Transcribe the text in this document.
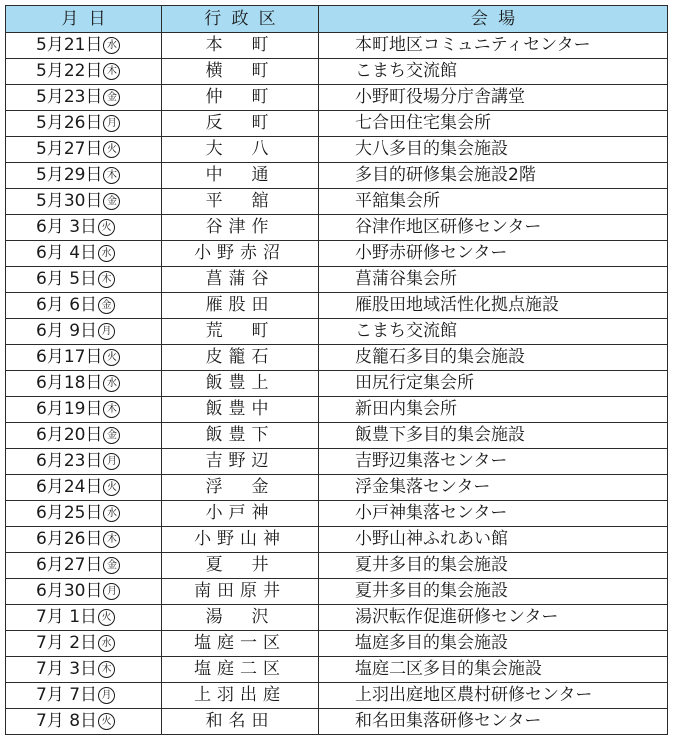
月日	行政区	会場
5月21日 水	本　町	本町地区コミュニティセンター
5月22日 木	横　町	こまち交流館
5月23日 金	仲　町	小野町役場分庁舎講堂
5月26日 月	反　町	七合田住宅集会所
5月27日 火	大　八	大八多目的集会施設
5月29日 木	中　通	多目的研修集会施設2階
5月30日 金	平　舘	平舘集会所
6月 3日 火	谷津作	谷津作地区研修センター
6月 4日 水	小野赤沼	小野赤研修センター
6月 5日 木	菖蒲谷	菖蒲谷集会所
6月 6日 金	雁股田	雁股田地域活性化拠点施設
6月 9日 月	荒　町	こまち交流館
6月17日 火	皮籠石	皮籠石多目的集会施設
6月18日 水	飯豊上	田尻行定集会所
6月19日 木	飯豊中	新田内集会所
6月20日 金	飯豊下	飯豊下多目的集会施設
6月23日 月	吉野辺	吉野辺集落センター
6月24日 火	浮　金	浮金集落センター
6月25日 水	小戸神	小戸神集落センター
6月26日 木	小野山神	小野山神ふれあい館
6月27日 金	夏　井	夏井多目的集会施設
6月30日 月	南田原井	夏井多目的集会施設
7月 1日 火	湯　沢	湯沢転作促進研修センター
7月 2日 水	塩庭一区	塩庭多目的集会施設
7月 3日 木	塩庭二区	塩庭二区多目的集会施設
7月 7日 月	上羽出庭	上羽出庭地区農村研修センター
7月 8日 火	和名田	和名田集落研修センター
